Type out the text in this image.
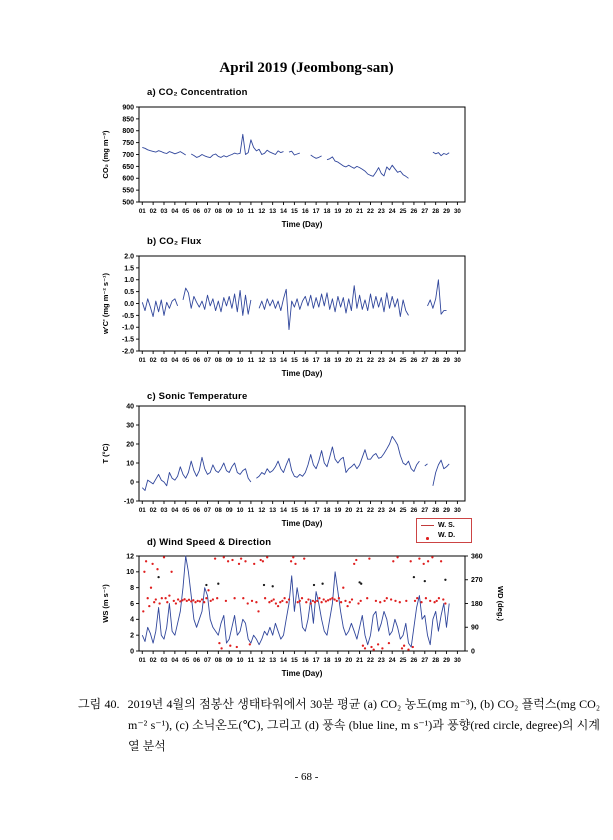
April 2019 (Jeombong-san)
a) CO₂ Concentration
900
850
800
750
700
650
600
550
500
01 02 03 04 05 06 07 08 09 10 11 12 13 14 15 16 17 18 19 20 21 22 23 24 25 26 27 28 29 30
CO₂ (mg m⁻³)
Time (Day)
b) CO₂ Flux
2.0
1.5
1.0
0.5
0.0
-0.5
-1.0
-1.5
-2.0
01 02 03 04 05 06 07 08 09 10 11 12 13 14 15 16 17 18 19 20 21 22 23 24 25 26 27 28 29 30
w'C' (mg m⁻² s⁻¹)
Time (Day)
c) Sonic Temperature
40
30
20
10
0
-10
01 02 03 04 05 06 07 08 09 10 11 12 13 14 15 16 17 18 19 20 21 22 23 24 25 26 27 28 29 30
T (°C)
Time (Day)	W. S.
W. D.
d) Wind Speed & Direction
12
10
8
6
4
2
0
360
270
180
90
0
01 02 03 04 05 06 07 08 09 10 11 12 13 14 15 16 17 18 19 20 21 22 23 24 25 26 27 28 29 30
WS (m s⁻¹)	WD (deg.)
Time (Day)
그림 40. 2019년 4월의 점봉산 생태타워에서 30분 평균 (a) CO₂ 농도(mg m⁻³), (b) CO₂ 플럭스(mg CO₂ m⁻² s⁻¹), (c) 소닉온도(℃), 그리고 (d) 풍속 (blue line, m s⁻¹)과 풍향(red circle, degree)의 시계열 분석
- 68 -
